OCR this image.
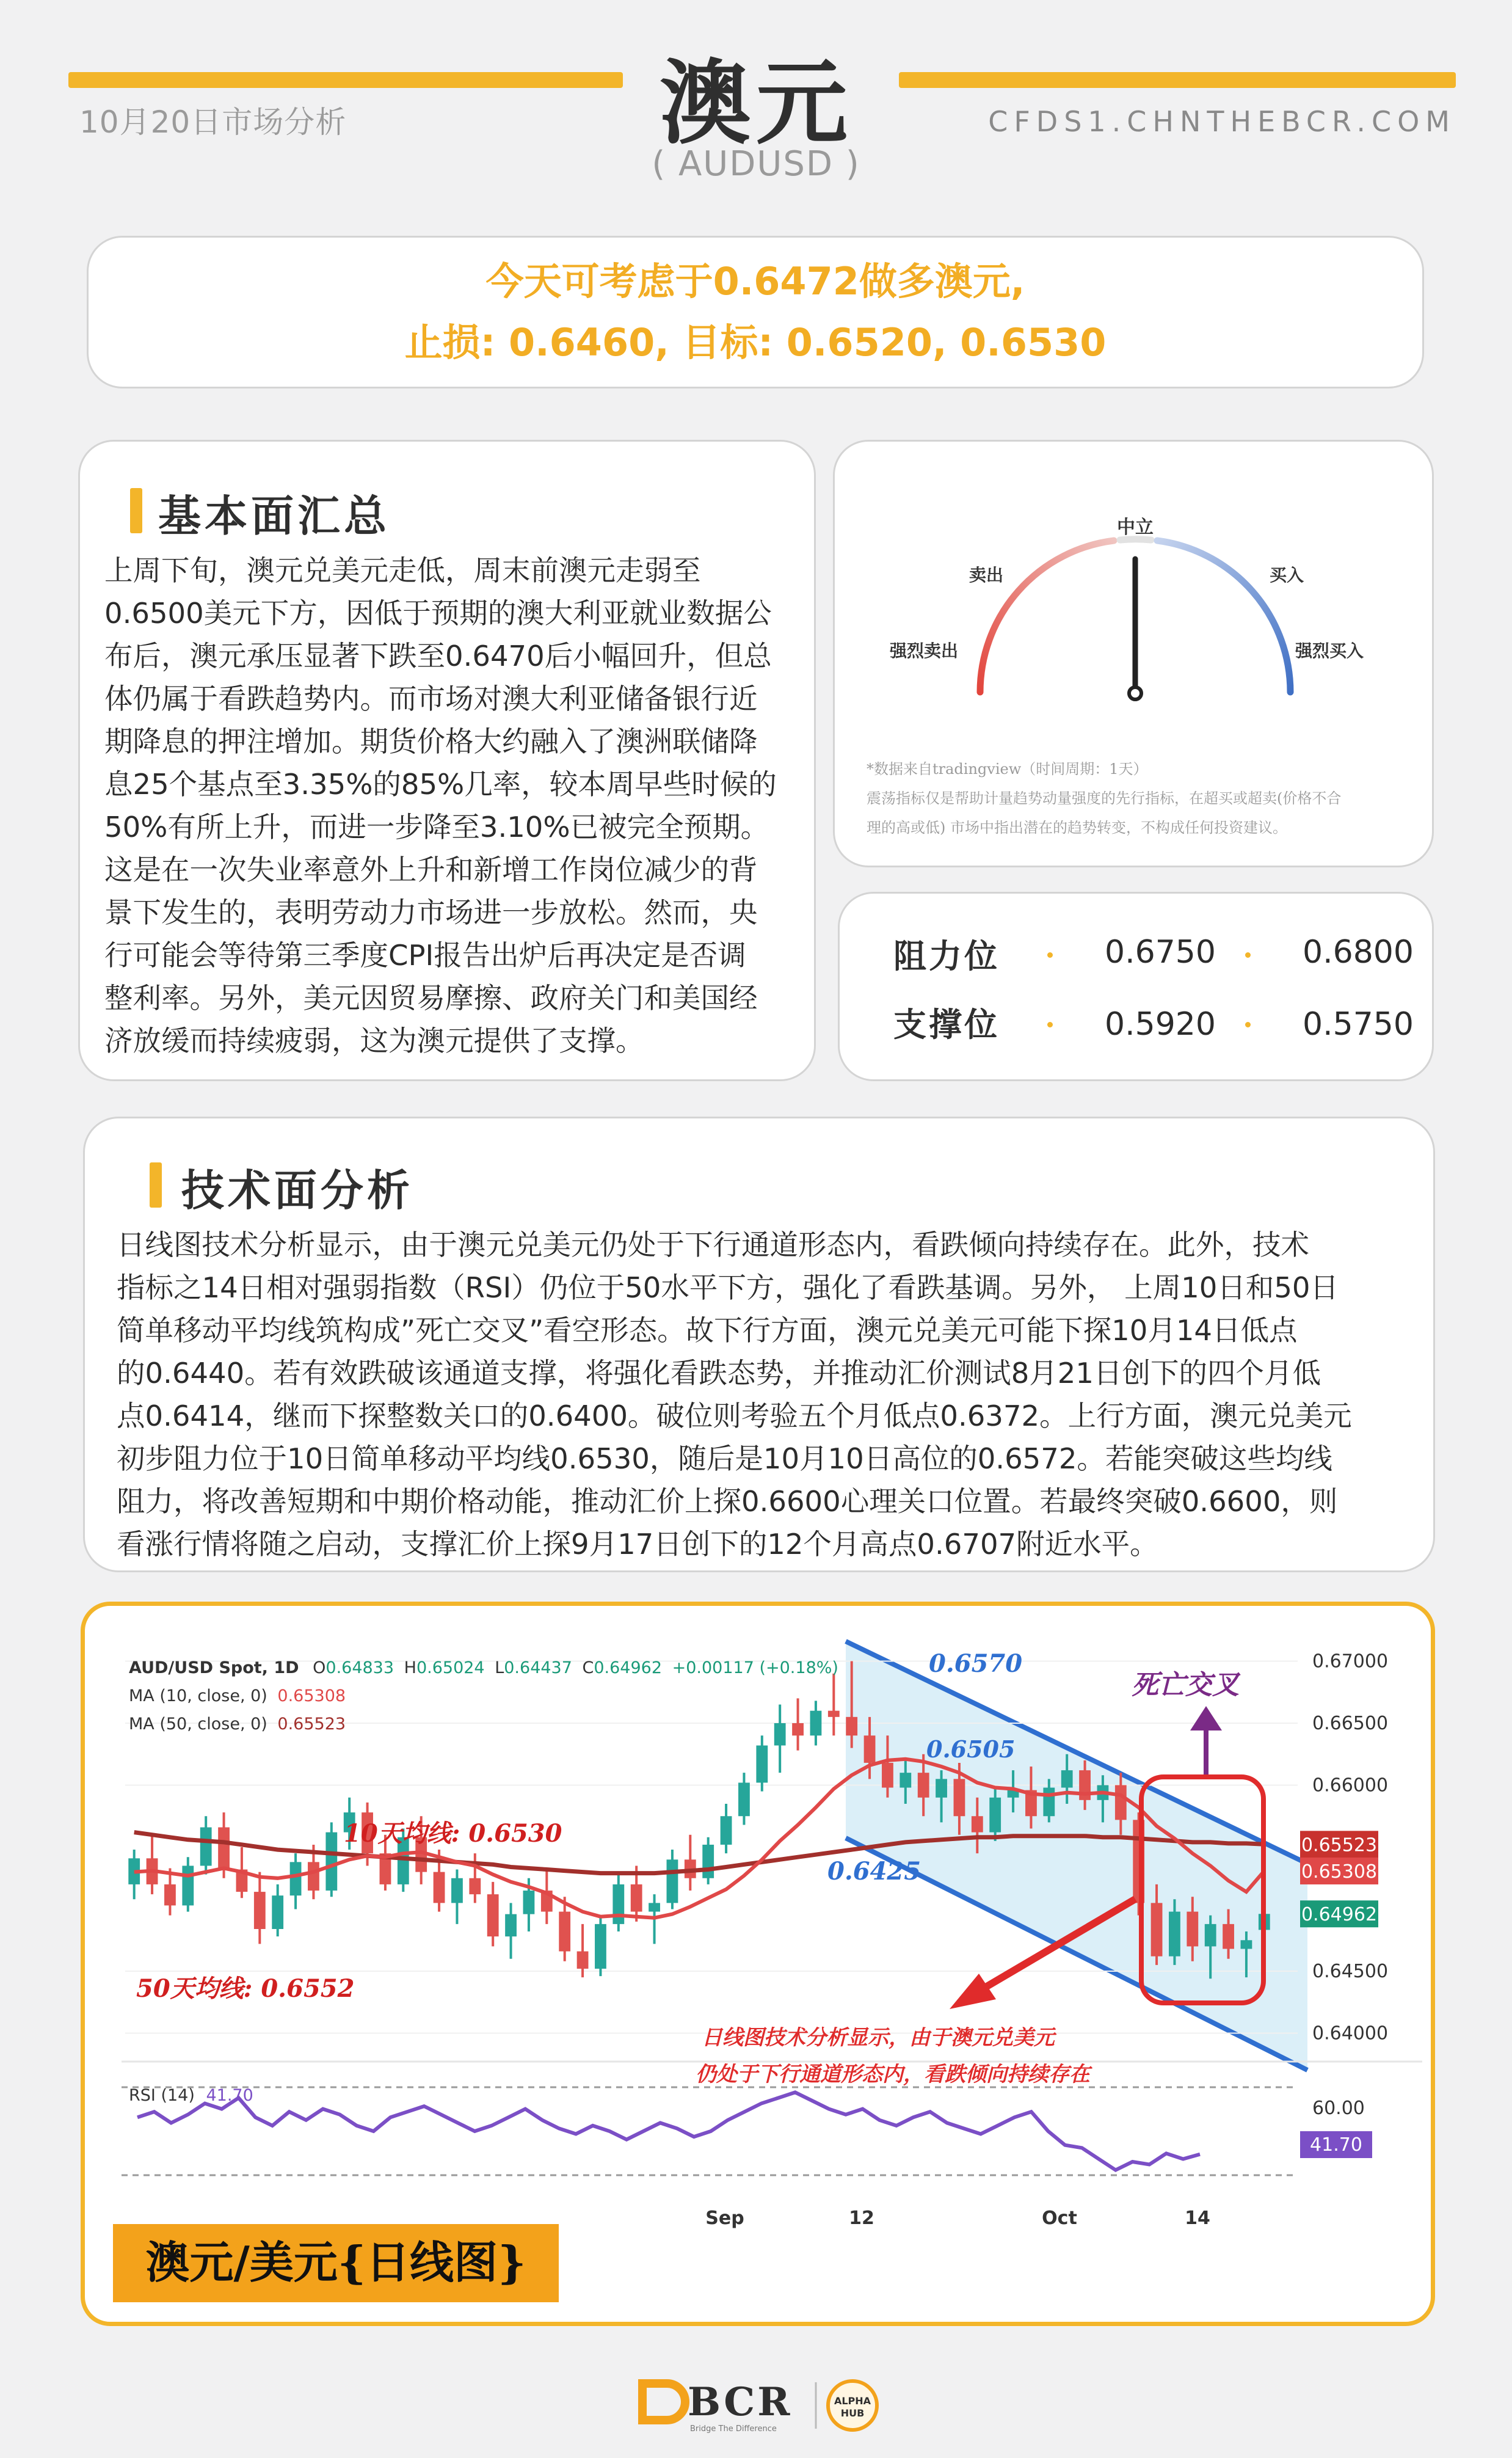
10月20日市场分析	澳元
( AUDUSD )
CFDS1.CHNTHEBCR.COM
今天可考虑于0.6472做多澳元,
止损: 0.6460, 目标: 0.6520, 0.6530
基本面汇总
上周下旬，澳元兑美元走低，周末前澳元走弱至
0.6500美元下方，因低于预期的澳大利亚就业数据公
布后，澳元承压显著下跌至0.6470后小幅回升，但总
体仍属于看跌趋势内。而市场对澳大利亚储备银行近
期降息的押注增加。期货价格大约融入了澳洲联储降
息25个基点至3.35%的85%几率，较本周早些时候的
50%有所上升，而进一步降至3.10%已被完全预期。
这是在一次失业率意外上升和新增工作岗位减少的背
景下发生的，表明劳动力市场进一步放松。然而，央
行可能会等待第三季度CPI报告出炉后再决定是否调
整利率。另外，美元因贸易摩擦、政府关门和美国经
济放缓而持续疲弱，这为澳元提供了支撑。
中立
卖出	买入
强烈卖出	强烈买入
*数据来自tradingview（时间周期：1天）
震荡指标仅是帮助计量趋势动量强度的先行指标，在超买或超卖(价格不合
理的高或低) 市场中指出潜在的趋势转变，不构成任何投资建议。
阻力位	0.6750	0.6800
支撑位	0.5920	0.5750
技术面分析
日线图技术分析显示，由于澳元兑美元仍处于下行通道形态内，看跌倾向持续存在。此外，技术
指标之14日相对强弱指数（RSI）仍位于50水平下方，强化了看跌基调。另外， 上周10日和50日
简单移动平均线筑构成”死亡交叉”看空形态。故下行方面，澳元兑美元可能下探10月14日低点
的0.6440。若有效跌破该通道支撑，将强化看跌态势，并推动汇价测试8月21日创下的四个月低
点0.6414，继而下探整数关口的0.6400。破位则考验五个月低点0.6372。上行方面，澳元兑美元
初步阻力位于10日简单移动平均线0.6530，随后是10月10日高位的0.6572。若能突破这些均线
阻力，将改善短期和中期价格动能，推动汇价上探0.6600心理关口位置。若最终突破0.6600，则
看涨行情将随之启动，支撑汇价上探9月17日创下的12个月高点0.6707附近水平。
0.67000
0.66500
0.66000
0.64500
0.64000
0.65523
0.65308
0.64962
AUD/USD Spot, 1D O0.64833 H0.65024 L0.64437 C0.64962 +0.00117 (+0.18%)
MA (10, close, 0) 0.65308
MA (50, close, 0) 0.65523
0.6570
0.6505
0.6425
10天均线: 0.6530
50天均线: 0.6552
死亡交叉
日线图技术分析显示，由于澳元兑美元
仍处于下行通道形态内，看跌倾向持续存在
RSI (14) 41.70
60.00
41.70
Sep	12	Oct	14
澳元/美元{日线图}
BCR
Bridge The Difference
ALPHA
HUB
